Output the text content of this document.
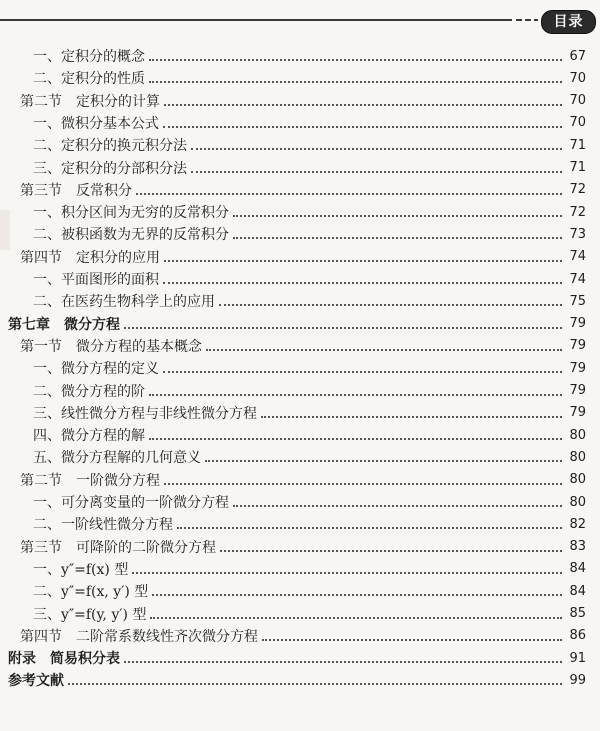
目录
一、定积分的概念	67
二、定积分的性质	70
第二节　定积分的计算	70
一、微积分基本公式	70
二、定积分的换元积分法	71
三、定积分的分部积分法	71
第三节　反常积分	72
一、积分区间为无穷的反常积分	72
二、被积函数为无界的反常积分	73
第四节　定积分的应用	74
一、平面图形的面积	74
二、在医药生物科学上的应用	75
第七章　微分方程	79
第一节　微分方程的基本概念	79
一、微分方程的定义	79
二、微分方程的阶	79
三、线性微分方程与非线性微分方程	79
四、微分方程的解	80
五、微分方程解的几何意义	80
第二节　一阶微分方程	80
一、可分离变量的一阶微分方程	80
二、一阶线性微分方程	82
第三节　可降阶的二阶微分方程	83
一、y″=f(x) 型	84
二、y″=f(x, y′) 型	84
三、y″=f(y, y′) 型	85
第四节　二阶常系数线性齐次微分方程	86
附录　简易积分表	91
参考文献	99
